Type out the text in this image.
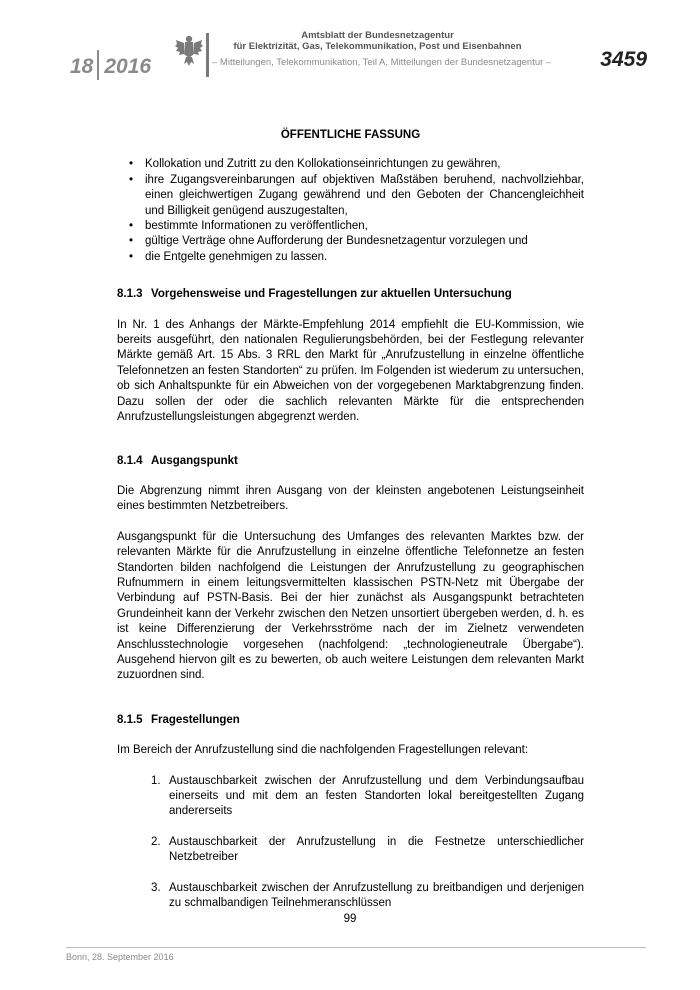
18 2016
Amtsblatt der Bundesnetzagentur
für Elektrizität, Gas, Telekommunikation, Post und Eisenbahnen
– Mitteilungen, Telekommunikation, Teil A, Mitteilungen der Bundesnetzagentur – 3459

ÖFFENTLICHE FASSUNG

• Kollokation und Zutritt zu den Kollokationseinrichtungen zu gewähren,
• ihre Zugangsvereinbarungen auf objektiven Maßstäben beruhend, nachvollziehbar, einen gleichwertigen Zugang gewährend und den Geboten der Chancengleichheit und Billigkeit genügend auszugestalten,
• bestimmte Informationen zu veröffentlichen,
• gültige Verträge ohne Aufforderung der Bundesnetzagentur vorzulegen und
• die Entgelte genehmigen zu lassen.
8.1.3 Vorgehensweise und Fragestellungen zur aktuellen Untersuchung

In Nr. 1 des Anhangs der Märkte-Empfehlung 2014 empfiehlt die EU-Kommission, wie bereits ausgeführt, den nationalen Regulierungsbehörden, bei der Festlegung relevanter Märkte gemäß Art. 15 Abs. 3 RRL den Markt für „Anrufzustellung in einzelne öffentliche Telefonnetzen an festen Standorten“ zu prüfen. Im Folgenden ist wiederum zu untersuchen, ob sich Anhaltspunkte für ein Abweichen von der vorgegebenen Marktabgrenzung finden. Dazu sollen der oder die sachlich relevanten Märkte für die entsprechenden Anrufzustellungsleistungen abgegrenzt werden.

8.1.4 Ausgangspunkt

Die Abgrenzung nimmt ihren Ausgang von der kleinsten angebotenen Leistungseinheit eines bestimmten Netzbetreibers.

Ausgangspunkt für die Untersuchung des Umfanges des relevanten Marktes bzw. der relevanten Märkte für die Anrufzustellung in einzelne öffentliche Telefonnetze an festen Standorten bilden nachfolgend die Leistungen der Anrufzustellung zu geographischen Rufnummern in einem leitungsvermittelten klassischen PSTN-Netz mit Übergabe der Verbindung auf PSTN-Basis. Bei der hier zunächst als Ausgangspunkt betrachteten Grundeinheit kann der Verkehr zwischen den Netzen unsortiert übergeben werden, d. h. es ist keine Differenzierung der Verkehrsströme nach der im Zielnetz verwendeten Anschlusstechnologie vorgesehen (nachfolgend: „technologieneutrale Übergabe“). Ausgehend hiervon gilt es zu bewerten, ob auch weitere Leistungen dem relevanten Markt zuzuordnen sind.

8.1.5 Fragestellungen

Im Bereich der Anrufzustellung sind die nachfolgenden Fragestellungen relevant:

1. Austauschbarkeit zwischen der Anrufzustellung und dem Verbindungsaufbau einerseits und mit dem an festen Standorten lokal bereitgestellten Zugang andererseits
2. Austauschbarkeit der Anrufzustellung in die Festnetze unterschiedlicher Netzbetreiber
3. Austauschbarkeit zwischen der Anrufzustellung zu breitbandigen und derjenigen zu schmalbandigen Teilnehmeranschlüssen
99
Bonn, 28. September 2016
